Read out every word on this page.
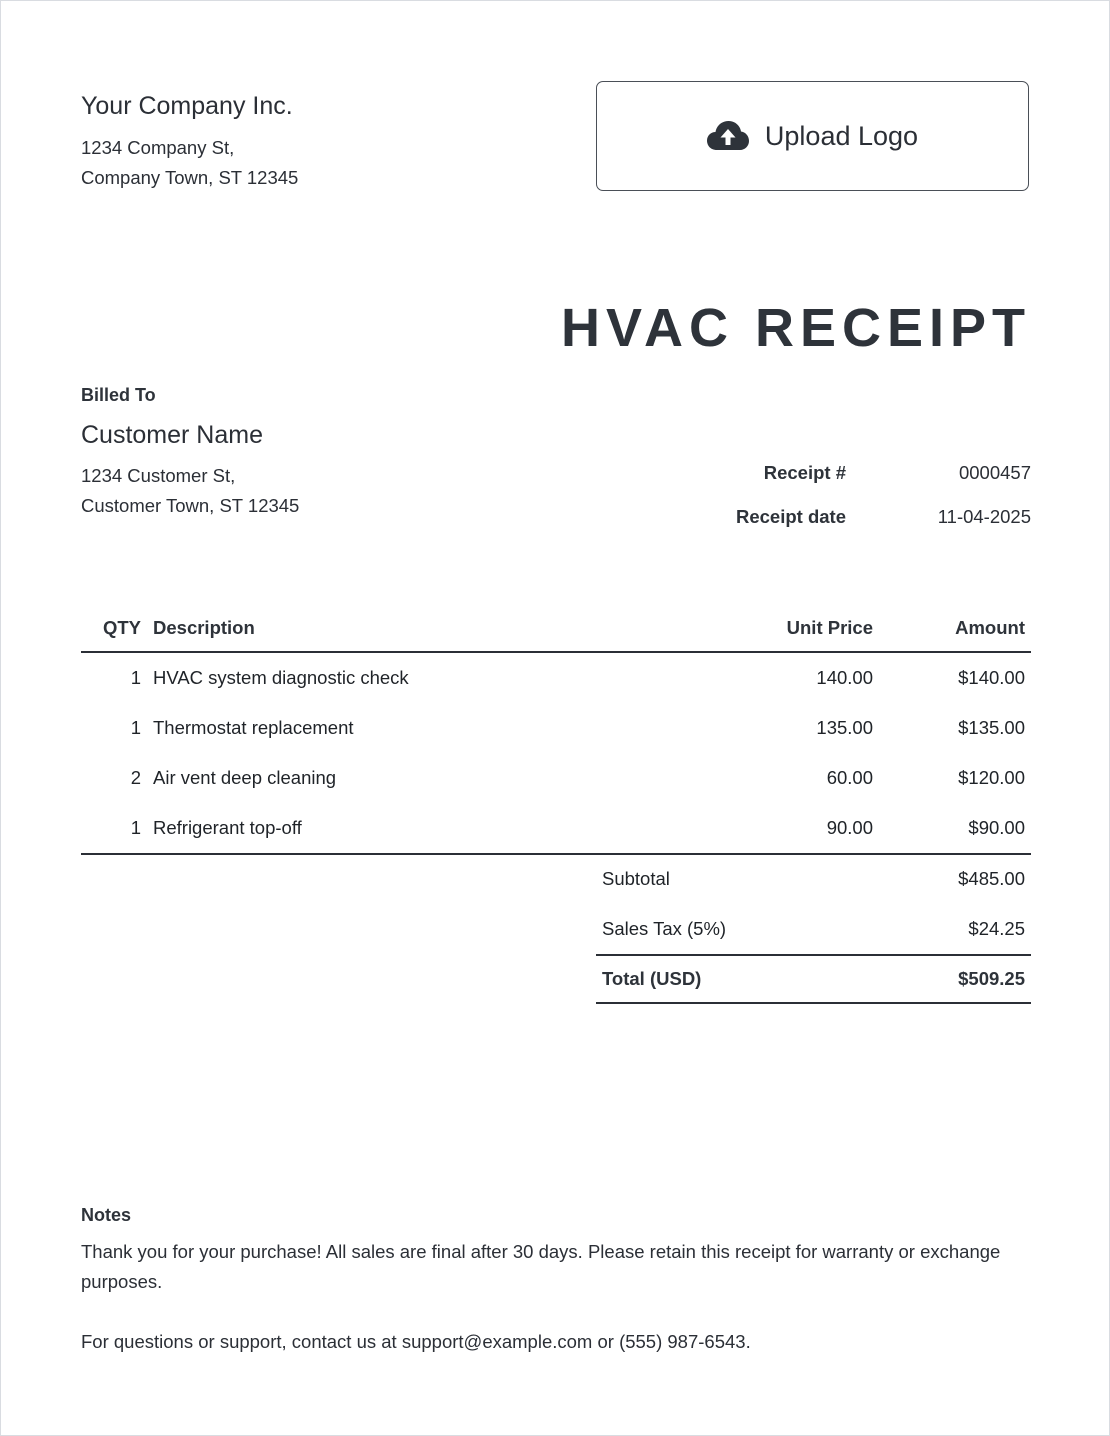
Your Company Inc.
1234 Company St,
Company Town, ST 12345
Upload Logo
HVAC RECEIPT
Billed To
Customer Name
1234 Customer St,
Customer Town, ST 12345
Receipt #	0000457
Receipt date	11-04-2025
QTY	Description	Unit Price	Amount
1	HVAC system diagnostic check	140.00	$140.00
1	Thermostat replacement	135.00	$135.00
2	Air vent deep cleaning	60.00	$120.00
1	Refrigerant top-off	90.00	$90.00
Subtotal	$485.00
Sales Tax (5%)	$24.25
Total (USD)	$509.25
Notes
Thank you for your purchase! All sales are final after 30 days. Please retain this receipt for warranty or exchange purposes.
For questions or support, contact us at support@example.com or (555) 987-6543.
